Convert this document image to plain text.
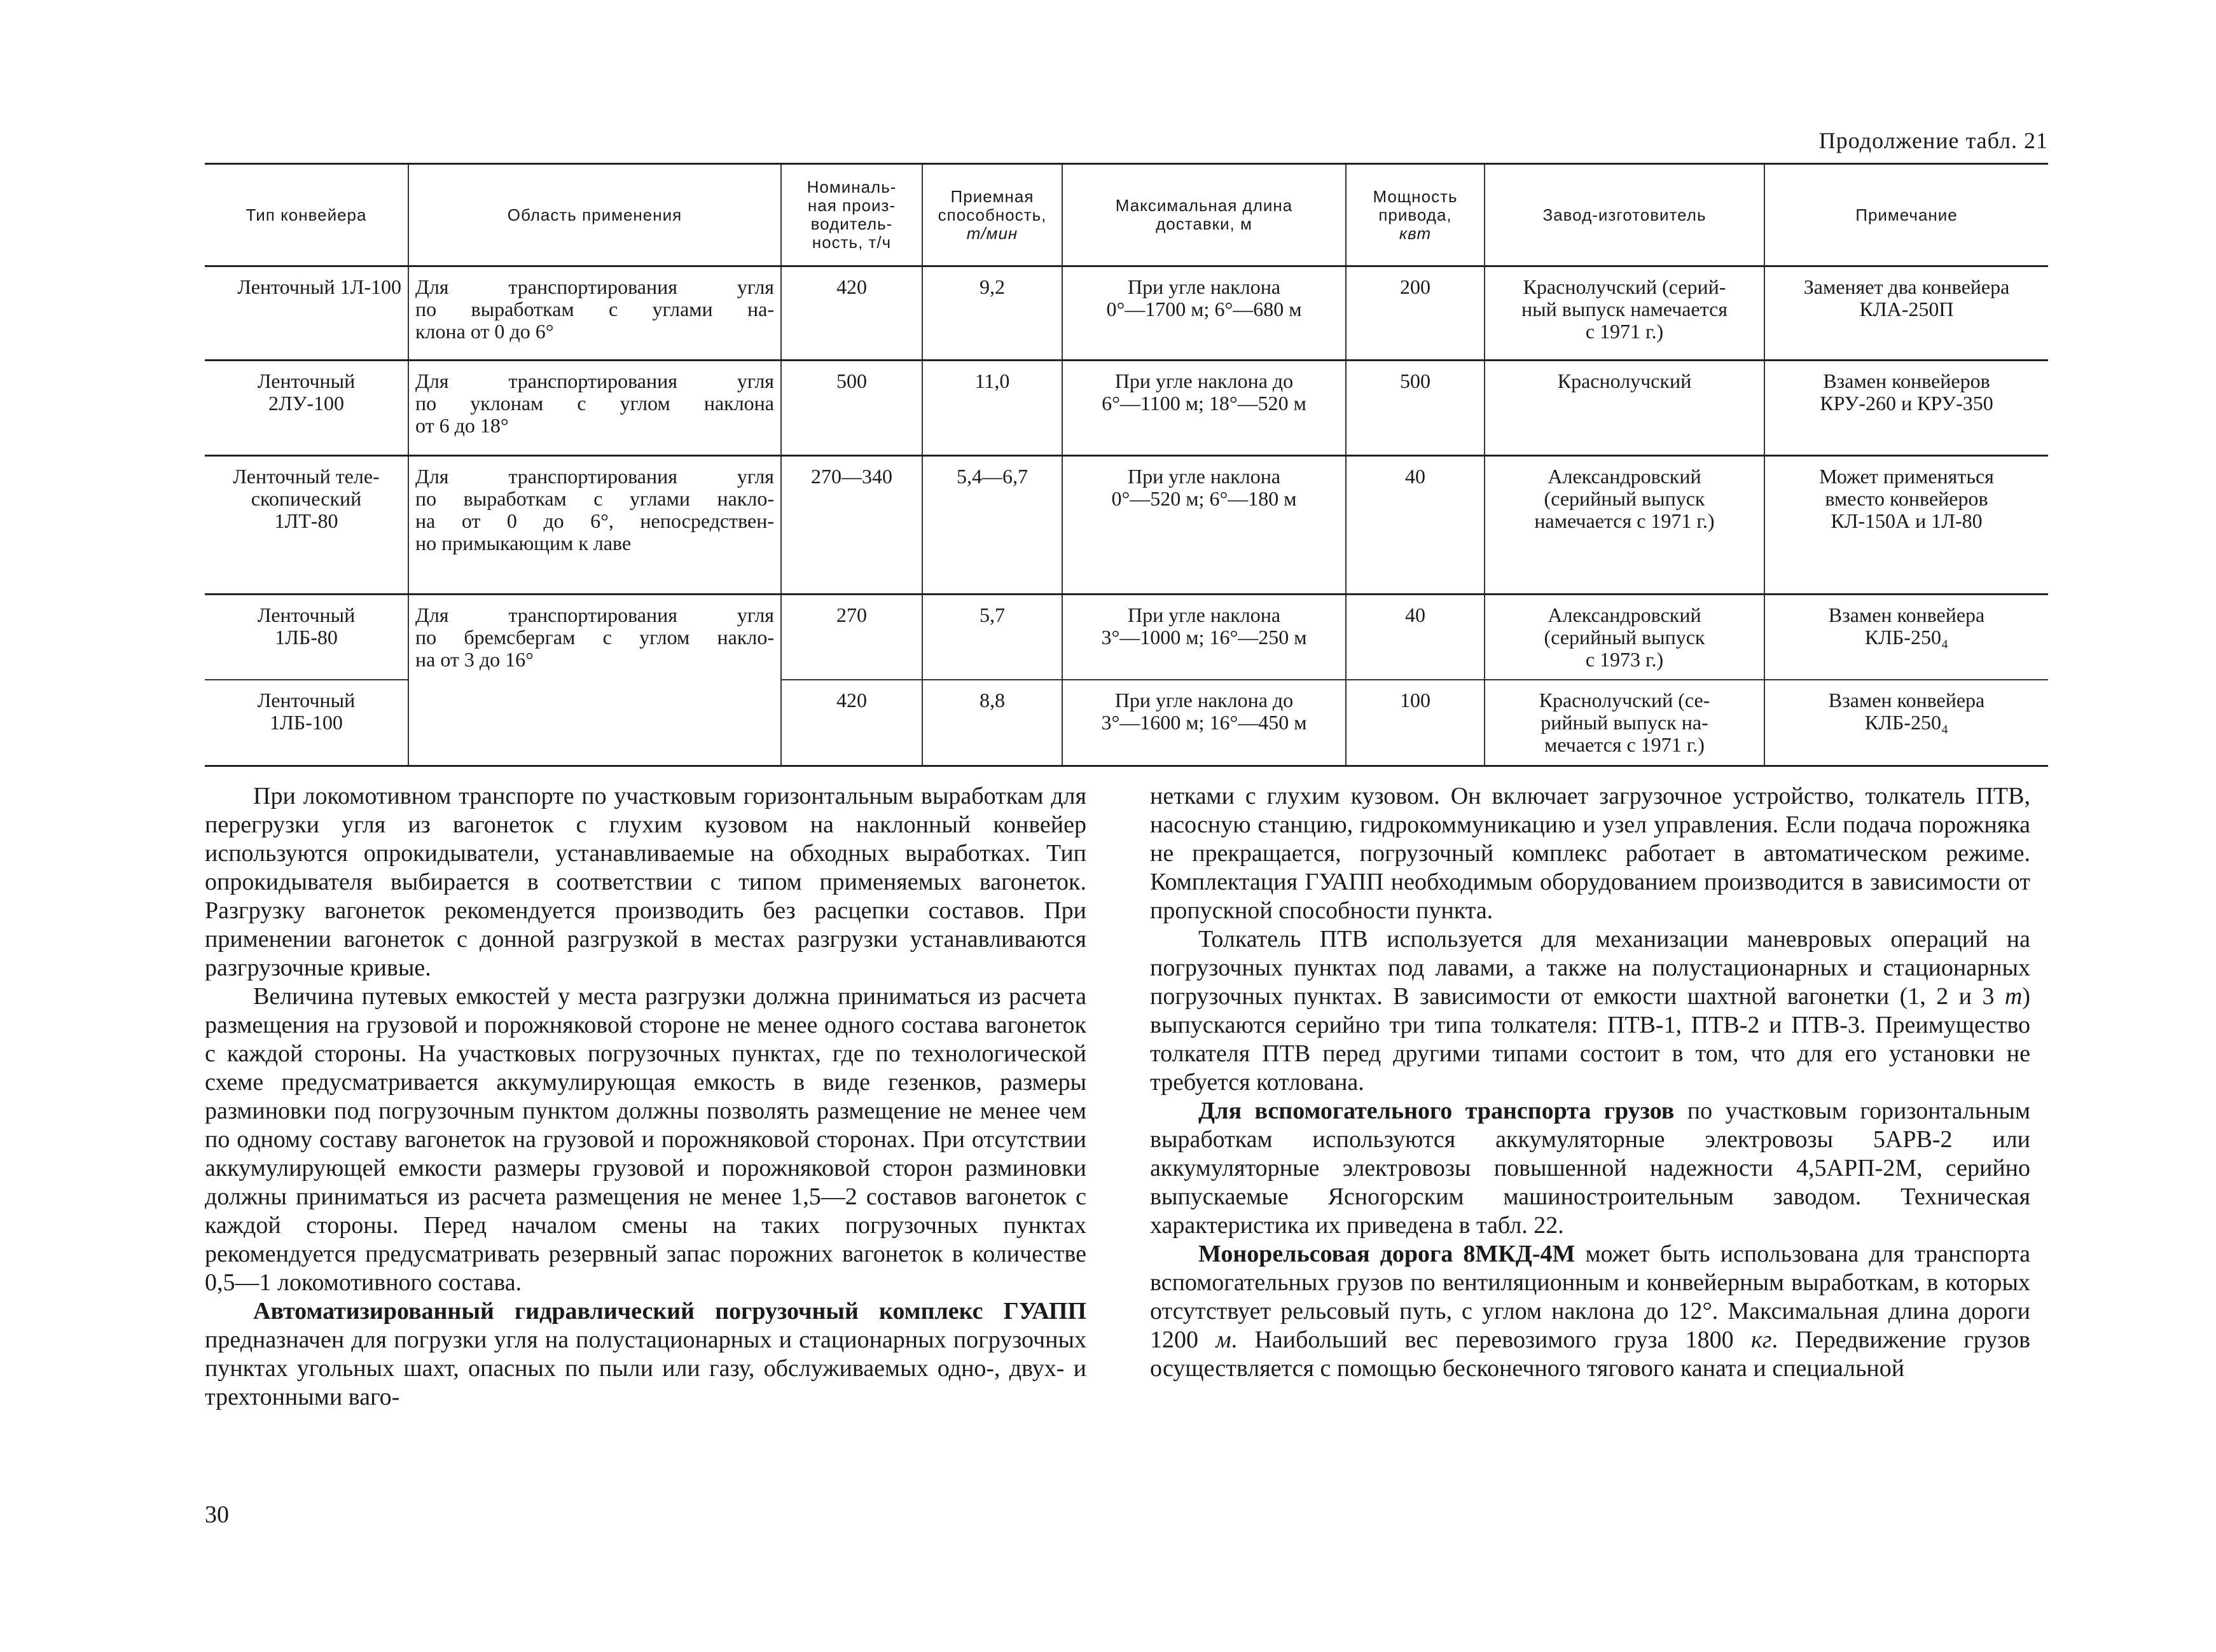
Продолжение табл. 21
Тип конвейера	Область применения	Номиналь-
ная произ-
водитель-
ность, т/ч	Приемная
способность,
т/мин	Максимальная длина
доставки, м	Мощность
привода,
квт	Завод-изготовитель	Примечание

Ленточный 1Л-100	Для транспортирования угля
по выработкам с углами на-
клона от 0 до 6°	420	9,2	При угле наклона
0°—1700 м; 6°—680 м	200	Краснолучский (серий-
ный выпуск намечается
с 1971 г.)	Заменяет два конвейера
КЛА-250П

Ленточный
2ЛУ-100	Для транспортирования угля
по уклонам с углом наклона
от 6 до 18°	500	11,0	При угле наклона до
6°—1100 м; 18°—520 м	500	Краснолучский	Взамен конвейеров
КРУ-260 и КРУ-350

Ленточный теле-
скопический
1ЛТ-80	Для транспортирования угля
по выработкам с углами накло-
на от 0 до 6°, непосредствен-
но примыкающим к лаве	270—340	5,4—6,7	При угле наклона
0°—520 м; 6°—180 м	40	Александровский
(серийный выпуск
намечается с 1971 г.)	Может применяться
вместо конвейеров
КЛ-150А и 1Л-80

Ленточный
1ЛБ-80	Для транспортирования угля
по бремсбергам с углом накло-
на от 3 до 16°	270	5,7	При угле наклона
3°—1000 м; 16°—250 м	40	Александровский
(серийный выпуск
с 1973 г.)	Взамен конвейера
КЛБ-250₄

Ленточный
1ЛБ-100		420	8,8	При угле наклона до
3°—1600 м; 16°—450 м	100	Краснолучский (се-
рийный выпуск на-
мечается с 1971 г.)	Взамен конвейера
КЛБ-250₄

При локомотивном транспорте по участковым горизонтальным выработкам для перегрузки угля из вагонеток с глухим кузовом на наклонный конвейер используются опрокидыватели, устанавливаемые на обходных выработках. Тип опрокидывателя выбирается в соответствии с типом применяемых вагонеток. Разгрузку вагонеток рекомендуется производить без расцепки составов. При применении вагонеток с донной разгрузкой в местах разгрузки устанавливаются разгрузочные кривые.

Величина путевых емкостей у места разгрузки должна приниматься из расчета размещения на грузовой и порожняковой стороне не менее одного состава вагонеток с каждой стороны. На участковых погрузочных пунктах, где по технологической схеме предусматривается аккумулирующая емкость в виде гезенков, размеры разминовки под погрузочным пунктом должны позволять размещение не менее чем по одному составу вагонеток на грузовой и порожняковой сторонах. При отсутствии аккумулирующей емкости размеры грузовой и порожняковой сторон разминовки должны приниматься из расчета размещения не менее 1,5—2 составов вагонеток с каждой стороны. Перед началом смены на таких погрузочных пунктах рекомендуется предусматривать резервный запас порожних вагонеток в количестве 0,5—1 локомотивного состава.

Автоматизированный гидравлический погрузочный комплекс ГУАПП предназначен для погрузки угля на полустационарных и стационарных погрузочных пунктах угольных шахт, опасных по пыли или газу, обслуживаемых одно-, двух- и трехтонными ваго-

нетками с глухим кузовом. Он включает загрузочное устройство, толкатель ПТВ, насосную станцию, гидрокоммуникацию и узел управления. Если подача порожняка не прекращается, погрузочный комплекс работает в автоматическом режиме. Комплектация ГУАПП необходимым оборудованием производится в зависимости от пропускной способности пункта.

Толкатель ПТВ используется для механизации маневровых операций на погрузочных пунктах под лавами, а также на полустационарных и стационарных погрузочных пунктах. В зависимости от емкости шахтной вагонетки (1, 2 и 3 т) выпускаются серийно три типа толкателя: ПТВ-1, ПТВ-2 и ПТВ-3. Преимущество толкателя ПТВ перед другими типами состоит в том, что для его установки не требуется котлована.

Для вспомогательного транспорта грузов по участковым горизонтальным выработкам используются аккумуляторные электровозы 5АРВ-2 или аккумуляторные электровозы повышенной надежности 4,5АРП-2М, серийно выпускаемые Ясногорским машиностроительным заводом. Техническая характеристика их приведена в табл. 22.

Монорельсовая дорога 8МКД-4М может быть использована для транспорта вспомогательных грузов по вентиляционным и конвейерным выработкам, в которых отсутствует рельсовый путь, с углом наклона до 12°. Максимальная длина дороги 1200 м. Наибольший вес перевозимого груза 1800 кг. Передвижение грузов осуществляется с помощью бесконечного тягового каната и специальной

30
